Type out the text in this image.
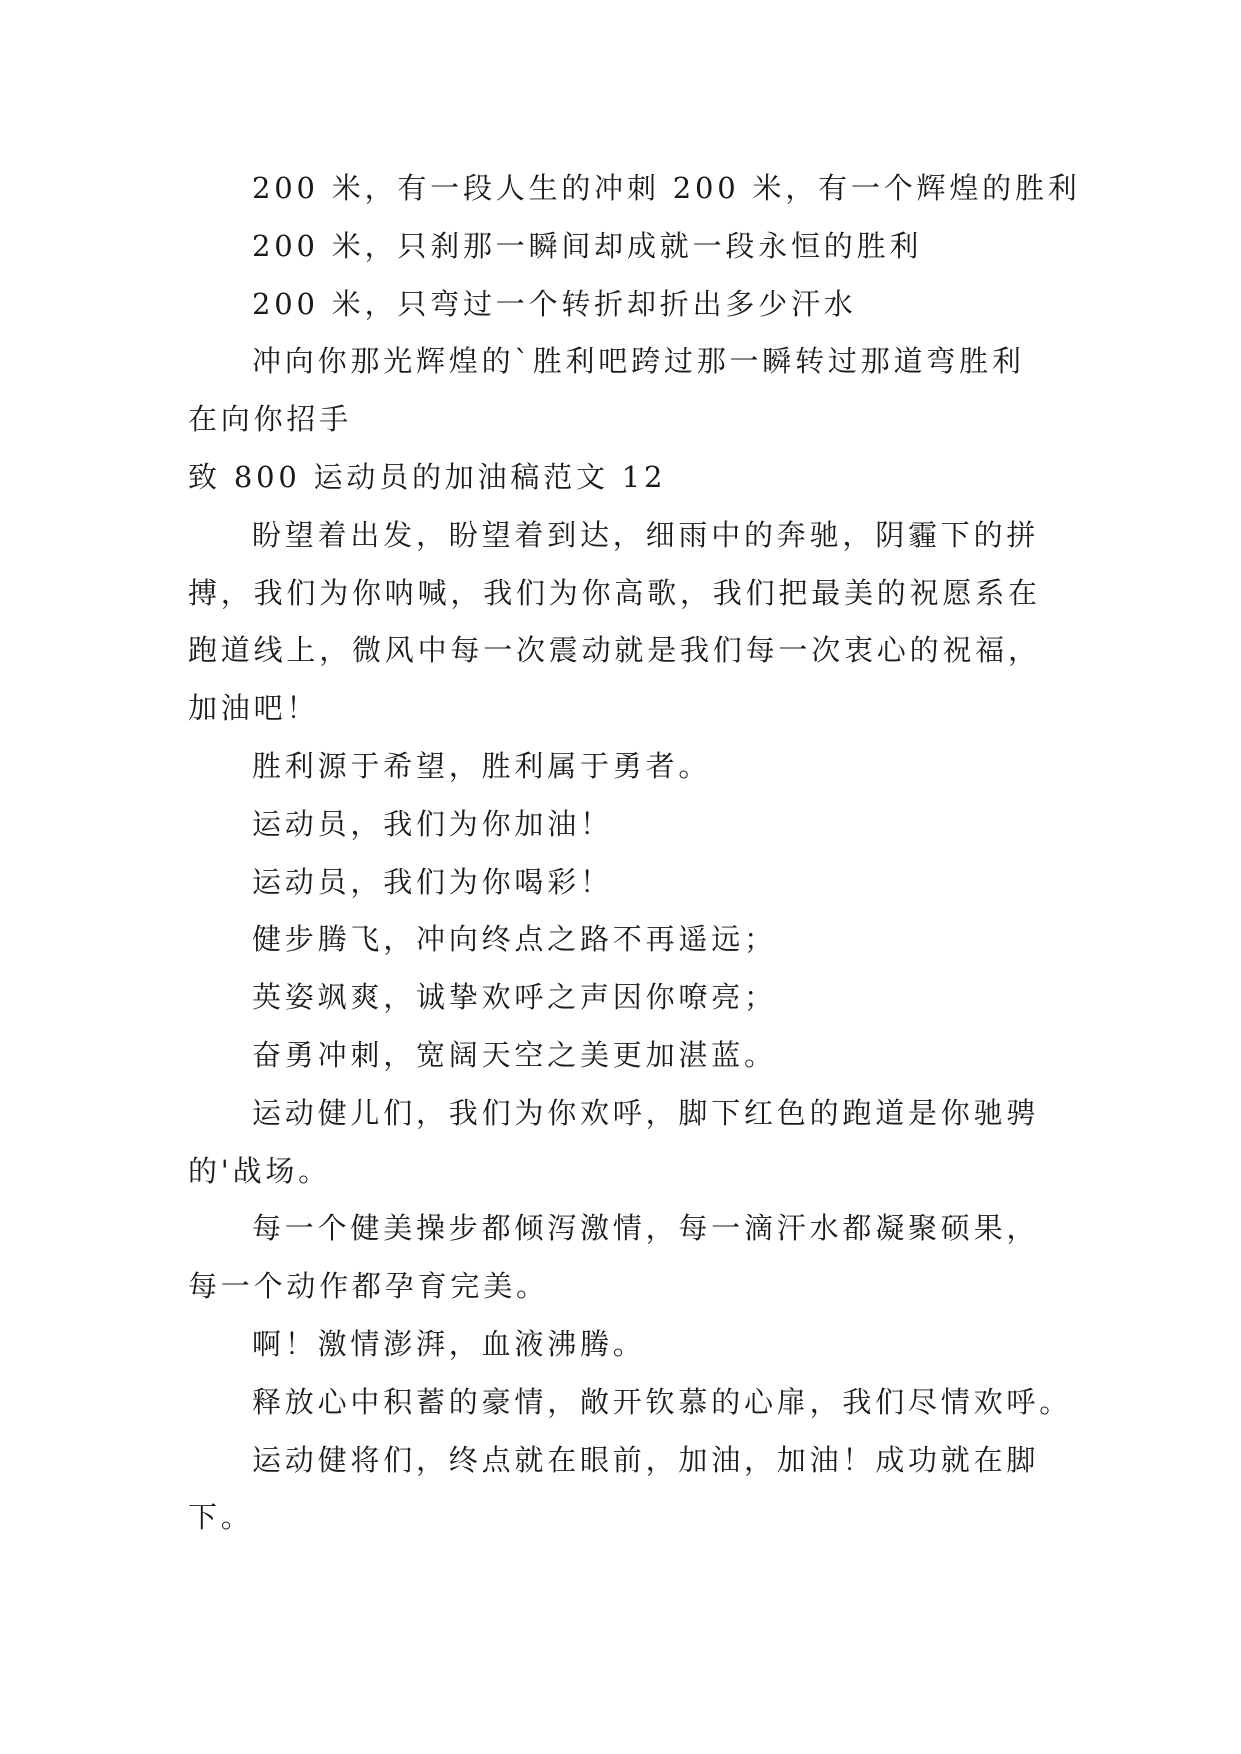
200 米，有一段人生的冲刺 200 米，有一个辉煌的胜利
200 米，只刹那一瞬间却成就一段永恒的胜利
200 米，只弯过一个转折却折出多少汗水
冲向你那光辉煌的`胜利吧跨过那一瞬转过那道弯胜利
在向你招手
致 800 运动员的加油稿范文 12
盼望着出发，盼望着到达，细雨中的奔驰，阴霾下的拼
搏，我们为你呐喊，我们为你高歌，我们把最美的祝愿系在
跑道线上，微风中每一次震动就是我们每一次衷心的祝福，
加油吧！
胜利源于希望，胜利属于勇者。
运动员，我们为你加油！
运动员，我们为你喝彩！
健步腾飞，冲向终点之路不再遥远；
英姿飒爽，诚挚欢呼之声因你嘹亮；
奋勇冲刺，宽阔天空之美更加湛蓝。
运动健儿们，我们为你欢呼，脚下红色的跑道是你驰骋
的'战场。
每一个健美操步都倾泻激情，每一滴汗水都凝聚硕果，
每一个动作都孕育完美。
啊！激情澎湃，血液沸腾。
释放心中积蓄的豪情，敞开钦慕的心扉，我们尽情欢呼。
运动健将们，终点就在眼前，加油，加油！成功就在脚
下。
